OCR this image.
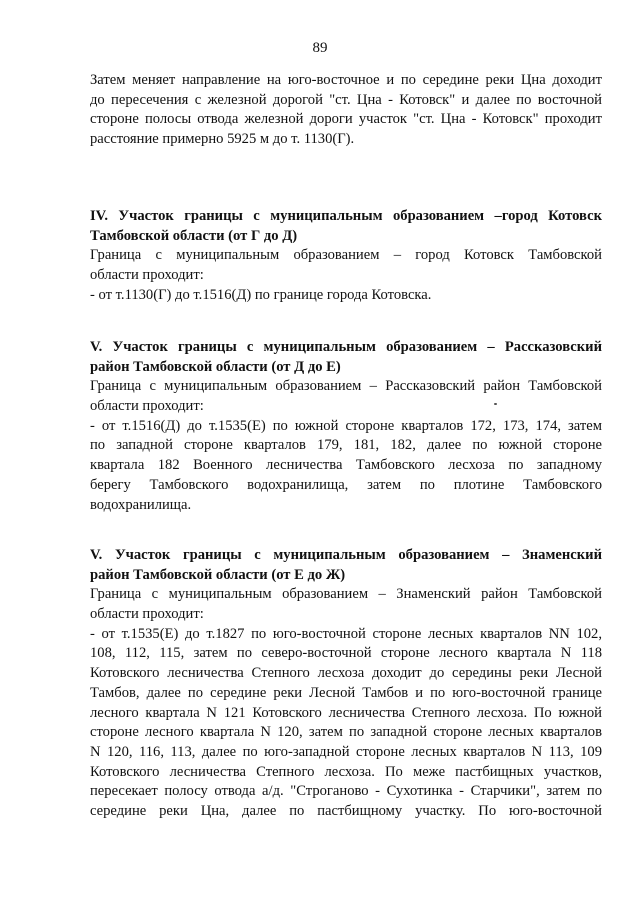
89
Затем меняет направление на юго-восточное и по середине реки Цна доходит
до пересечения с железной дорогой "ст. Цна - Котовск" и далее по восточной
стороне полосы отвода железной дороги участок "ст. Цна - Котовск" проходит
расстояние примерно 5925 м до т. 1130(Г).
IV. Участок границы с муниципальным образованием –город Котовск
Тамбовской области (от Г до Д)
Граница с муниципальным образованием – город Котовск Тамбовской
области проходит:
- от т.1130(Г) до т.1516(Д) по границе города Котовска.
V. Участок границы с муниципальным образованием – Рассказовский
район Тамбовской области (от Д до Е)
Граница с муниципальным образованием – Рассказовский район Тамбовской
области проходит:
- от т.1516(Д) до т.1535(Е) по южной стороне кварталов 172, 173, 174, затем
по западной стороне кварталов 179, 181, 182, далее по южной стороне
квартала 182 Военного лесничества Тамбовского лесхоза по западному
берегу Тамбовского водохранилища, затем по плотине Тамбовского
водохранилища.
V. Участок границы с муниципальным образованием – Знаменский
район Тамбовской области (от Е до Ж)
Граница с муниципальным образованием – Знаменский район Тамбовской
области проходит:
- от т.1535(Е) до т.1827 по юго-восточной стороне лесных кварталов NN 102,
108, 112, 115, затем по северо-восточной стороне лесного квартала N 118
Котовского лесничества Степного лесхоза доходит до середины реки Лесной
Тамбов, далее по середине реки Лесной Тамбов и по юго-восточной границе
лесного квартала N 121 Котовского лесничества Степного лесхоза. По южной
стороне лесного квартала N 120, затем по западной стороне лесных кварталов
N 120, 116, 113, далее по юго-западной стороне лесных кварталов N 113, 109
Котовского лесничества Степного лесхоза. По меже пастбищных участков,
пересекает полосу отвода а/д. "Строганово - Сухотинка - Старчики", затем по
середине реки Цна, далее по пастбищному участку. По юго-восточной
